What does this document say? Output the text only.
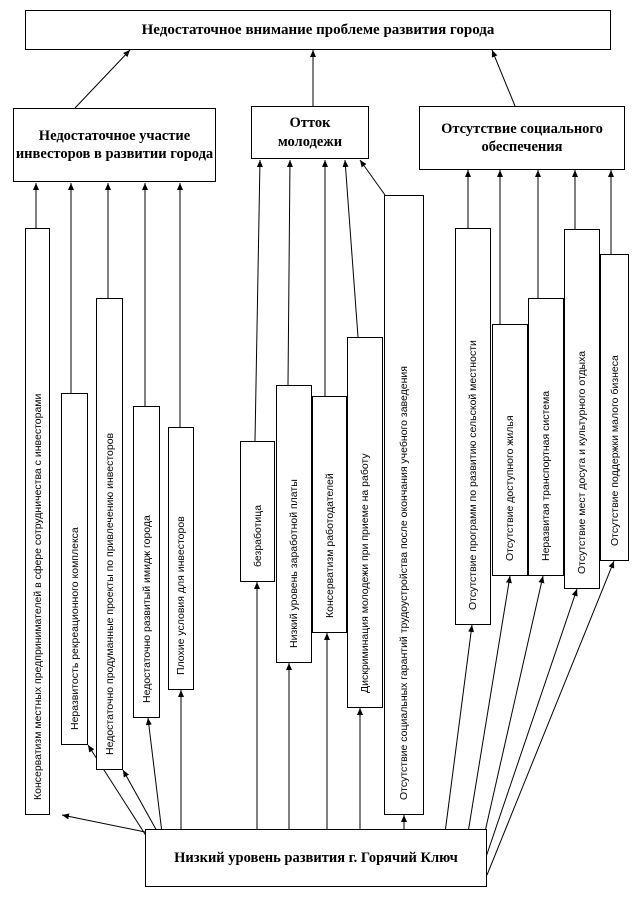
Недостаточное внимание проблеме развития города
Недостаточное участие инвесторов в развитии города
Отток молодежи
Отсутствие социального обеспечения
Консерватизм местных предпринимателей в сфере сотрудничества с инвесторами Неразвитость рекреационного комплекса Недостаточно продуманные проекты по привлечению инвесторов Недостаточно развитый имидж города Плохие условия для инвесторов	безработица Низкий уровень заработной платы Консерватизм работодателей Дискриминация молодежи при приеме на работу	Отсутствие социальных гарантий трудоустройства после окончания учебного заведения	Отсутствие программ по развитию сельской местности Отсутствие доступного жилья Неразвитая транспортная система Отсутствие мест досуга и культурного отдыха Отсутствие поддержки малого бизнеса
Низкий уровень развития г. Горячий Ключ
